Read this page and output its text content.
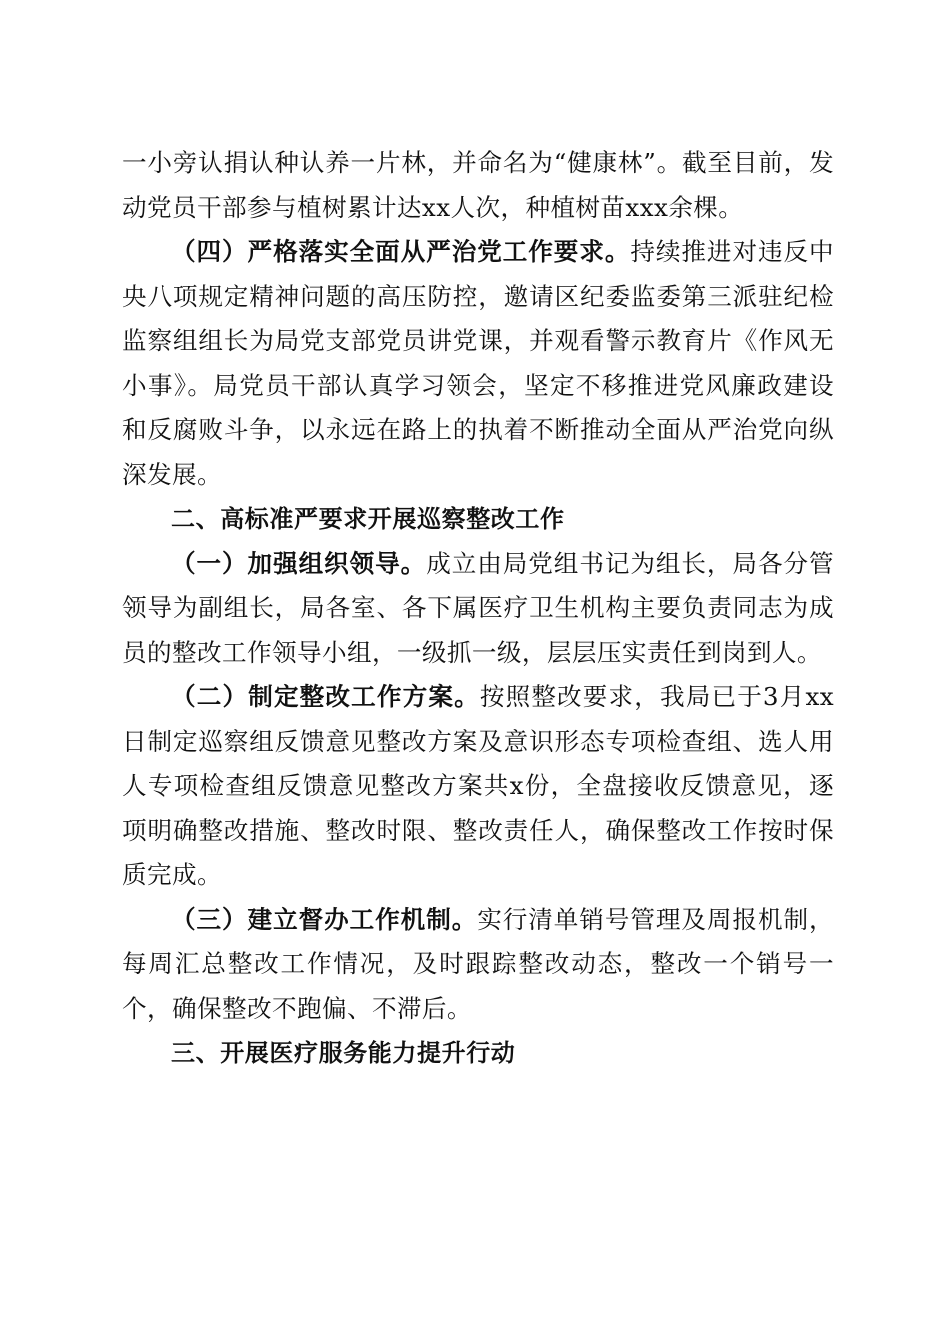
一小旁认捐认种认养一片林，并命名为“健康林”。截至目前，发动党员干部参与植树累计达xx人次，种植树苗xxx余棵。

（四）严格落实全面从严治党工作要求。持续推进对违反中央八项规定精神问题的高压防控，邀请区纪委监委第三派驻纪检监察组组长为局党支部党员讲党课，并观看警示教育片《作风无小事》。局党员干部认真学习领会，坚定不移推进党风廉政建设和反腐败斗争，以永远在路上的执着不断推动全面从严治党向纵深发展。

二、高标准严要求开展巡察整改工作

（一）加强组织领导。成立由局党组书记为组长，局各分管领导为副组长，局各室、各下属医疗卫生机构主要负责同志为成员的整改工作领导小组，一级抓一级，层层压实责任到岗到人。

（二）制定整改工作方案。按照整改要求，我局已于3月xx日制定巡察组反馈意见整改方案及意识形态专项检查组、选人用人专项检查组反馈意见整改方案共x份，全盘接收反馈意见，逐项明确整改措施、整改时限、整改责任人，确保整改工作按时保质完成。

（三）建立督办工作机制。实行清单销号管理及周报机制，每周汇总整改工作情况，及时跟踪整改动态，整改一个销号一个，确保整改不跑偏、不滞后。

三、开展医疗服务能力提升行动
